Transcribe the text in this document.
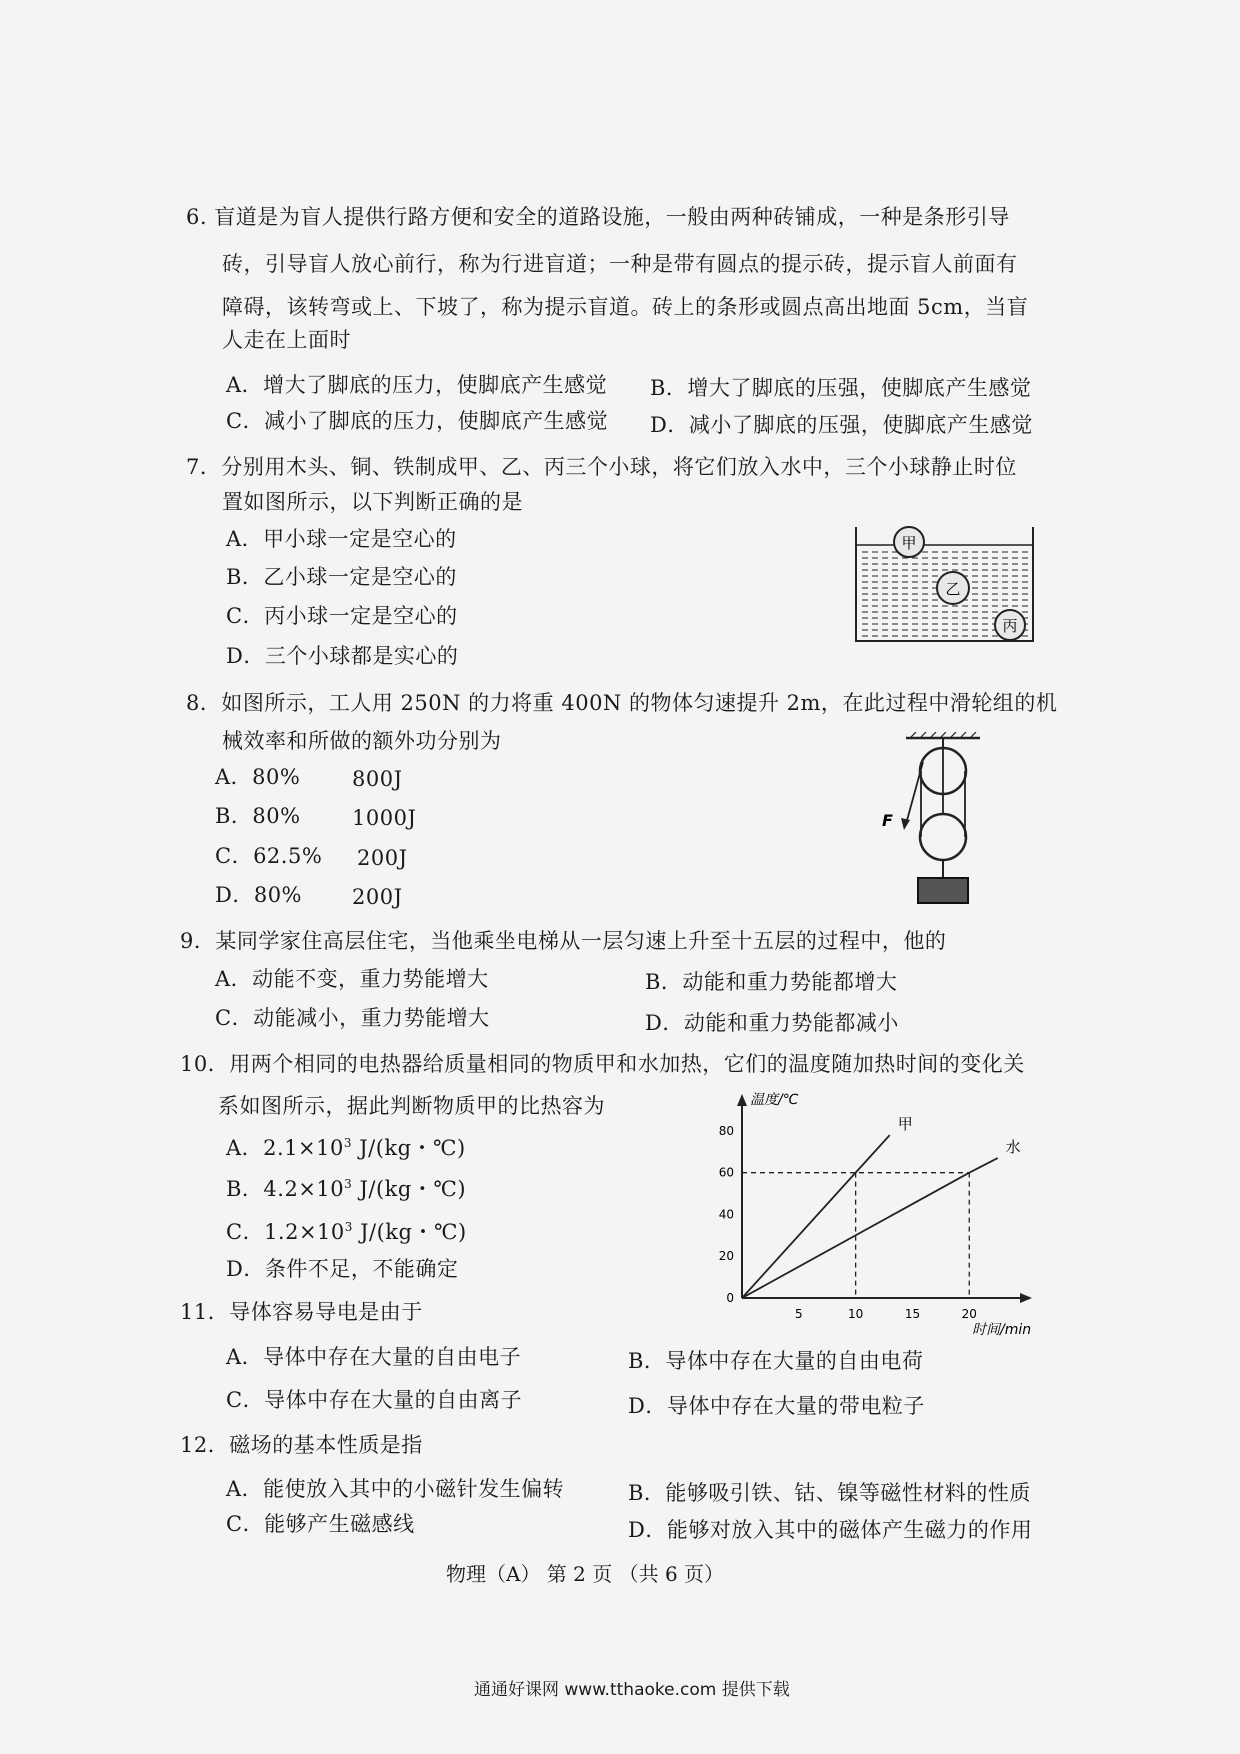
6. 盲道是为盲人提供行路方便和安全的道路设施，一般由两种砖铺成，一种是条形引导
砖，引导盲人放心前行，称为行进盲道；一种是带有圆点的提示砖，提示盲人前面有
障碍，该转弯或上、下坡了，称为提示盲道。砖上的条形或圆点高出地面 5cm，当盲
人走在上面时
A．增大了脚底的压力，使脚底产生感觉 B．增大了脚底的压强，使脚底产生感觉
C．减小了脚底的压力，使脚底产生感觉 D．减小了脚底的压强，使脚底产生感觉
7．分别用木头、铜、铁制成甲、乙、丙三个小球，将它们放入水中，三个小球静止时位
置如图所示，以下判断正确的是
A．甲小球一定是空心的
B．乙小球一定是空心的
C．丙小球一定是空心的
D．三个小球都是实心的
甲
乙
丙
8．如图所示，工人用 250N 的力将重 400N 的物体匀速提升 2m，在此过程中滑轮组的机
械效率和所做的额外功分别为
A．80% 800J
B．80% 1000J
C．62.5% 200J
D．80% 200J
F
9．某同学家住高层住宅，当他乘坐电梯从一层匀速上升至十五层的过程中，他的
A．动能不变，重力势能增大	B．动能和重力势能都增大
C．动能减小，重力势能增大	D．动能和重力势能都减小
10．用两个相同的电热器给质量相同的物质甲和水加热，它们的温度随加热时间的变化关
系如图所示，据此判断物质甲的比热容为
A．$2.1\times 10^3$ J/(kg・℃)
B．$4.2\times 10^3$ J/(kg・℃)
C．$1.2\times 10^3$ J/(kg・℃)
D．条件不足，不能确定
温度/℃
时间/min
5	10	15	20
0
20
40
60
80	甲
水
11．导体容易导电是由于
A．导体中存在大量的自由电子	B．导体中存在大量的自由电荷
C．导体中存在大量的自由离子	D．导体中存在大量的带电粒子
12．磁场的基本性质是指
A．能使放入其中的小磁针发生偏转	B．能够吸引铁、钴、镍等磁性材料的性质
C．能够产生磁感线	D．能够对放入其中的磁体产生磁力的作用
物理（A） 第 2 页 （共 6 页）
通通好课网 www.tthaoke.com 提供下载
